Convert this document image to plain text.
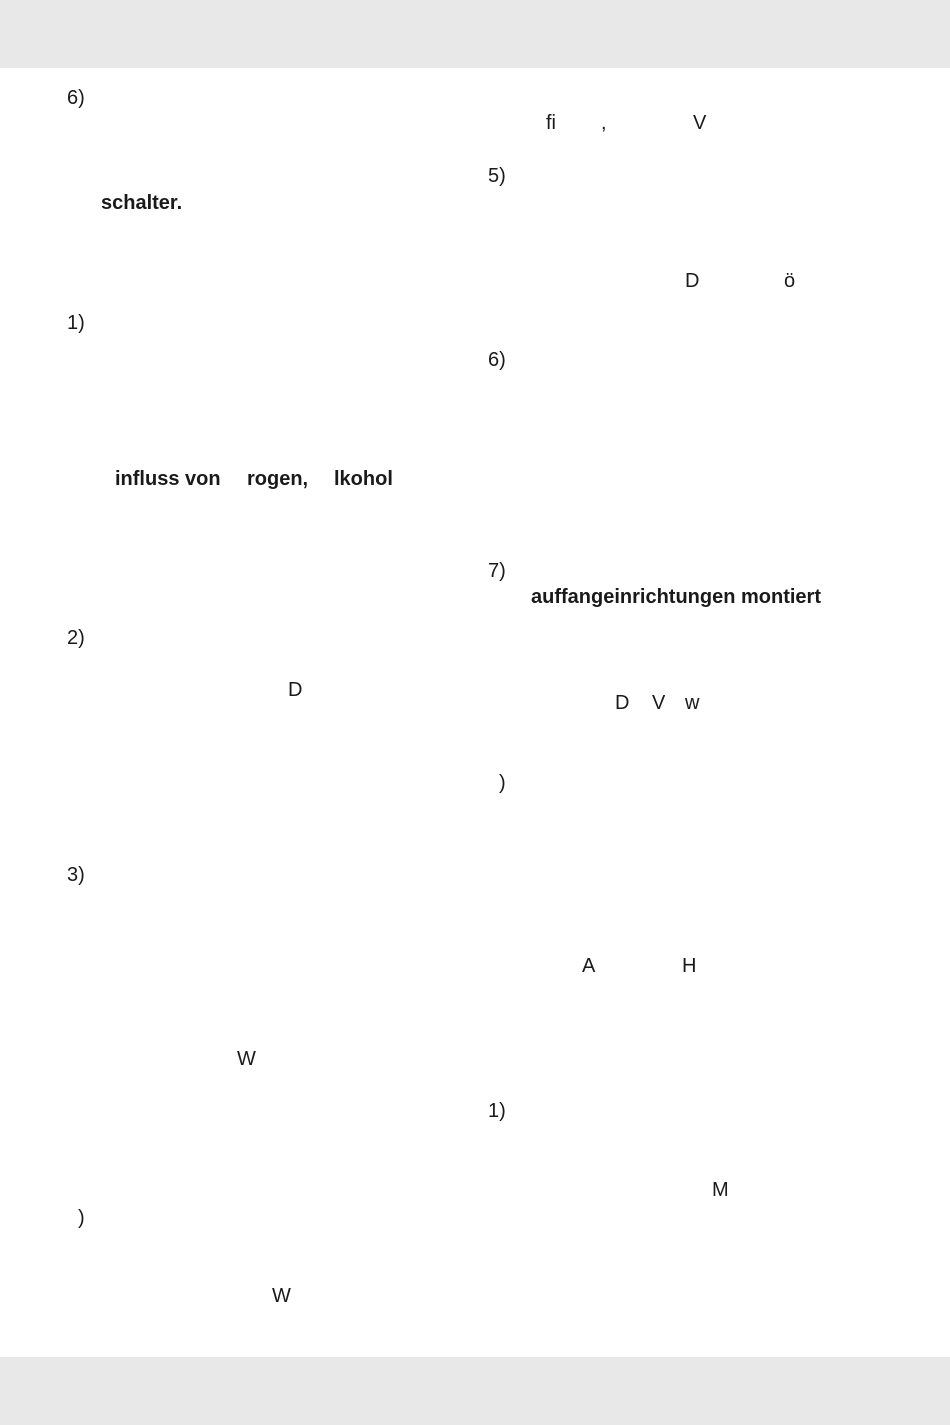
6)
schalter.
1)
influss von rogen, lkohol
2)
D
3)
W
)
W
fi ,	V
5)
D	ö
6)
7)
auffangeinrichtungen montiert
D V w
)
A	H
1)
M
